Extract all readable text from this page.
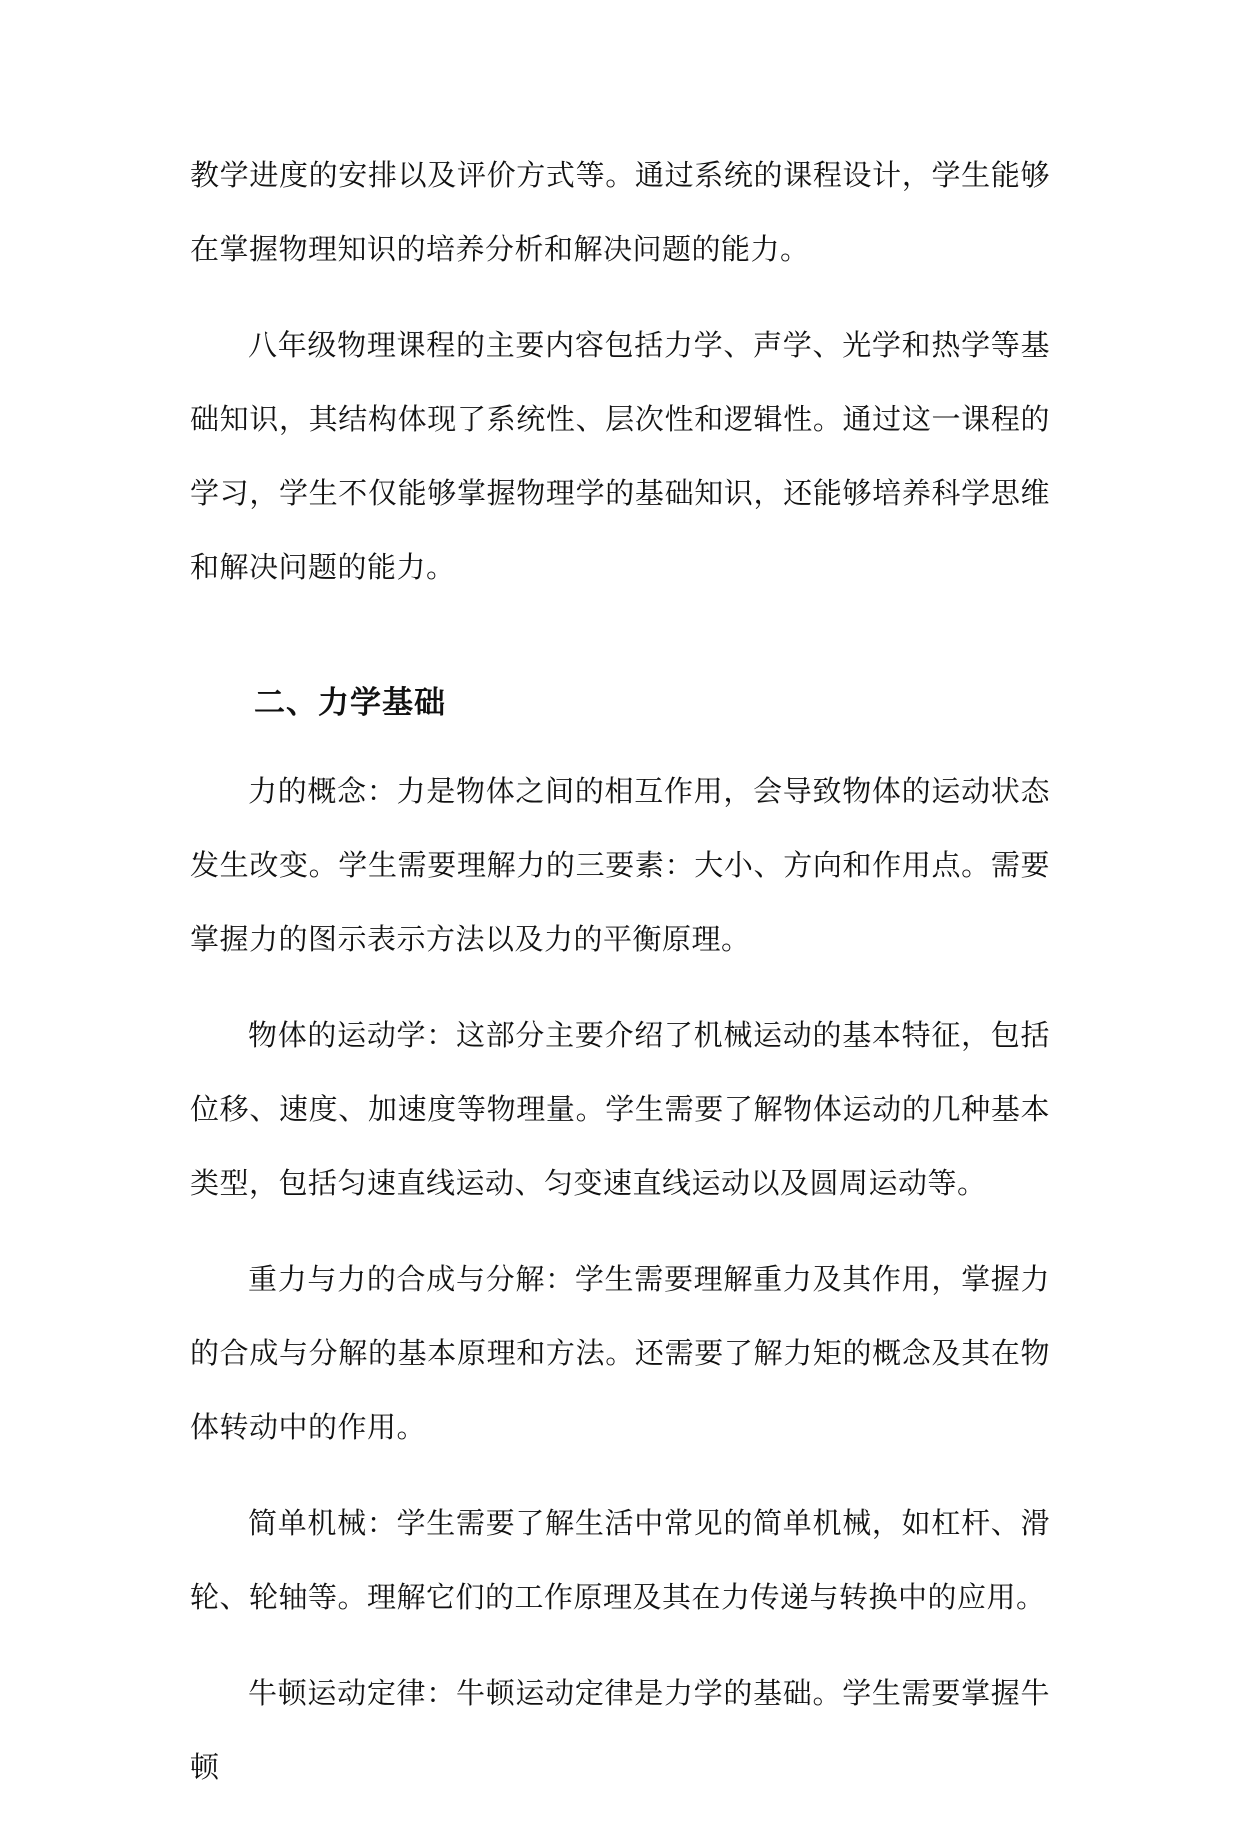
教学进度的安排以及评价方式等。通过系统的课程设计，学生能够在掌握物理知识的培养分析和解决问题的能力。

八年级物理课程的主要内容包括力学、声学、光学和热学等基础知识，其结构体现了系统性、层次性和逻辑性。通过这一课程的学习，学生不仅能够掌握物理学的基础知识，还能够培养科学思维和解决问题的能力。

二、力学基础

力的概念：力是物体之间的相互作用，会导致物体的运动状态发生改变。学生需要理解力的三要素：大小、方向和作用点。需要掌握力的图示表示方法以及力的平衡原理。

物体的运动学：这部分主要介绍了机械运动的基本特征，包括位移、速度、加速度等物理量。学生需要了解物体运动的几种基本类型，包括匀速直线运动、匀变速直线运动以及圆周运动等。

重力与力的合成与分解：学生需要理解重力及其作用，掌握力的合成与分解的基本原理和方法。还需要了解力矩的概念及其在物体转动中的作用。

简单机械：学生需要了解生活中常见的简单机械，如杠杆、滑轮、轮轴等。理解它们的工作原理及其在力传递与转换中的应用。

牛顿运动定律：牛顿运动定律是力学的基础。学生需要掌握牛顿
